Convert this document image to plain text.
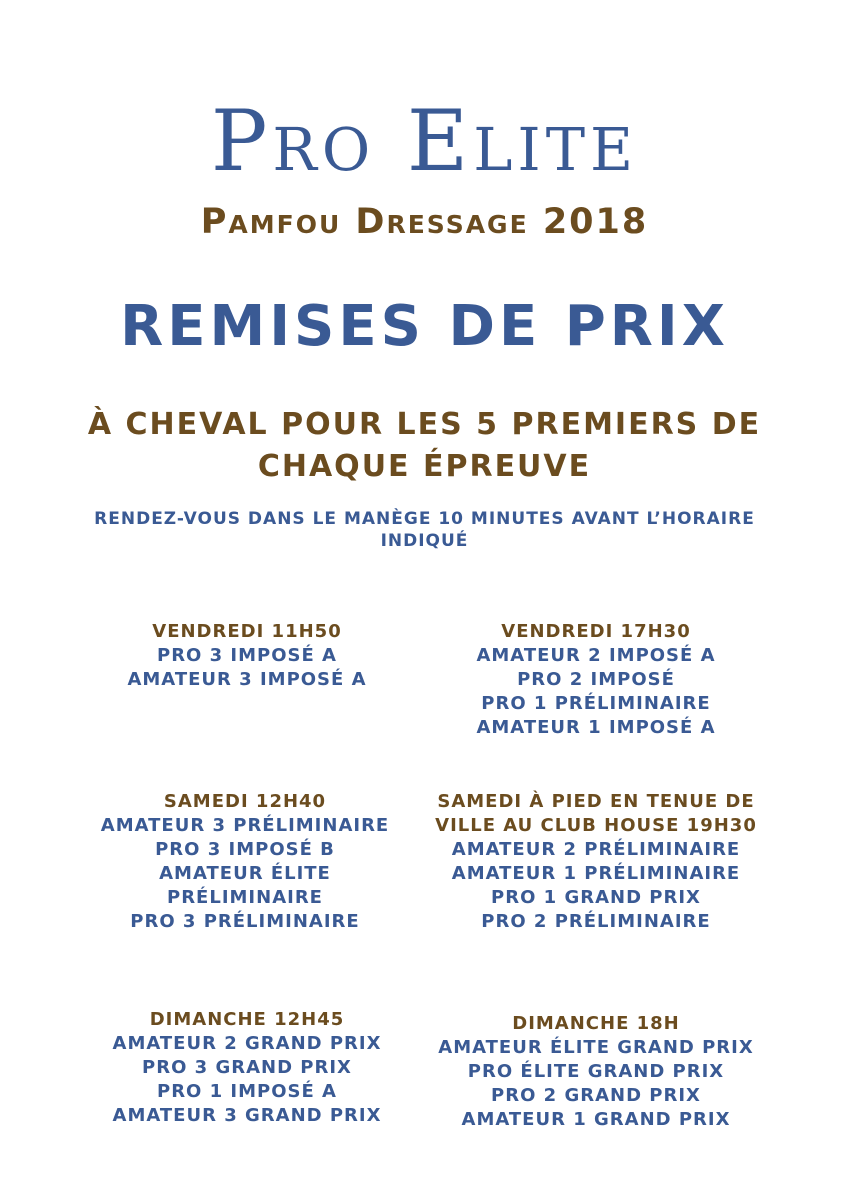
Pro Elite
Pamfou Dressage 2018
REMISES DE PRIX
À CHEVAL POUR LES 5 PREMIERS DE CHAQUE ÉPREUVE
RENDEZ-VOUS DANS LE MANÈGE 10 MINUTES AVANT L’HORAIRE INDIQUÉ
VENDREDI 11H50
PRO 3 IMPOSÉ A
AMATEUR 3 IMPOSÉ A
VENDREDI 17H30
AMATEUR 2 IMPOSÉ A
PRO 2 IMPOSÉ
PRO 1 PRÉLIMINAIRE
AMATEUR 1 IMPOSÉ A
SAMEDI 12H40
AMATEUR 3 PRÉLIMINAIRE
PRO 3 IMPOSÉ B
AMATEUR ÉLITE PRÉLIMINAIRE
PRO 3 PRÉLIMINAIRE
SAMEDI À PIED EN TENUE DE VILLE AU CLUB HOUSE 19H30
AMATEUR 2 PRÉLIMINAIRE
AMATEUR 1 PRÉLIMINAIRE
PRO 1 GRAND PRIX
PRO 2 PRÉLIMINAIRE
DIMANCHE 12H45
AMATEUR 2 GRAND PRIX
PRO 3 GRAND PRIX
PRO 1 IMPOSÉ A
AMATEUR 3 GRAND PRIX
DIMANCHE 18H
AMATEUR ÉLITE GRAND PRIX
PRO ÉLITE GRAND PRIX
PRO 2 GRAND PRIX
AMATEUR 1 GRAND PRIX
